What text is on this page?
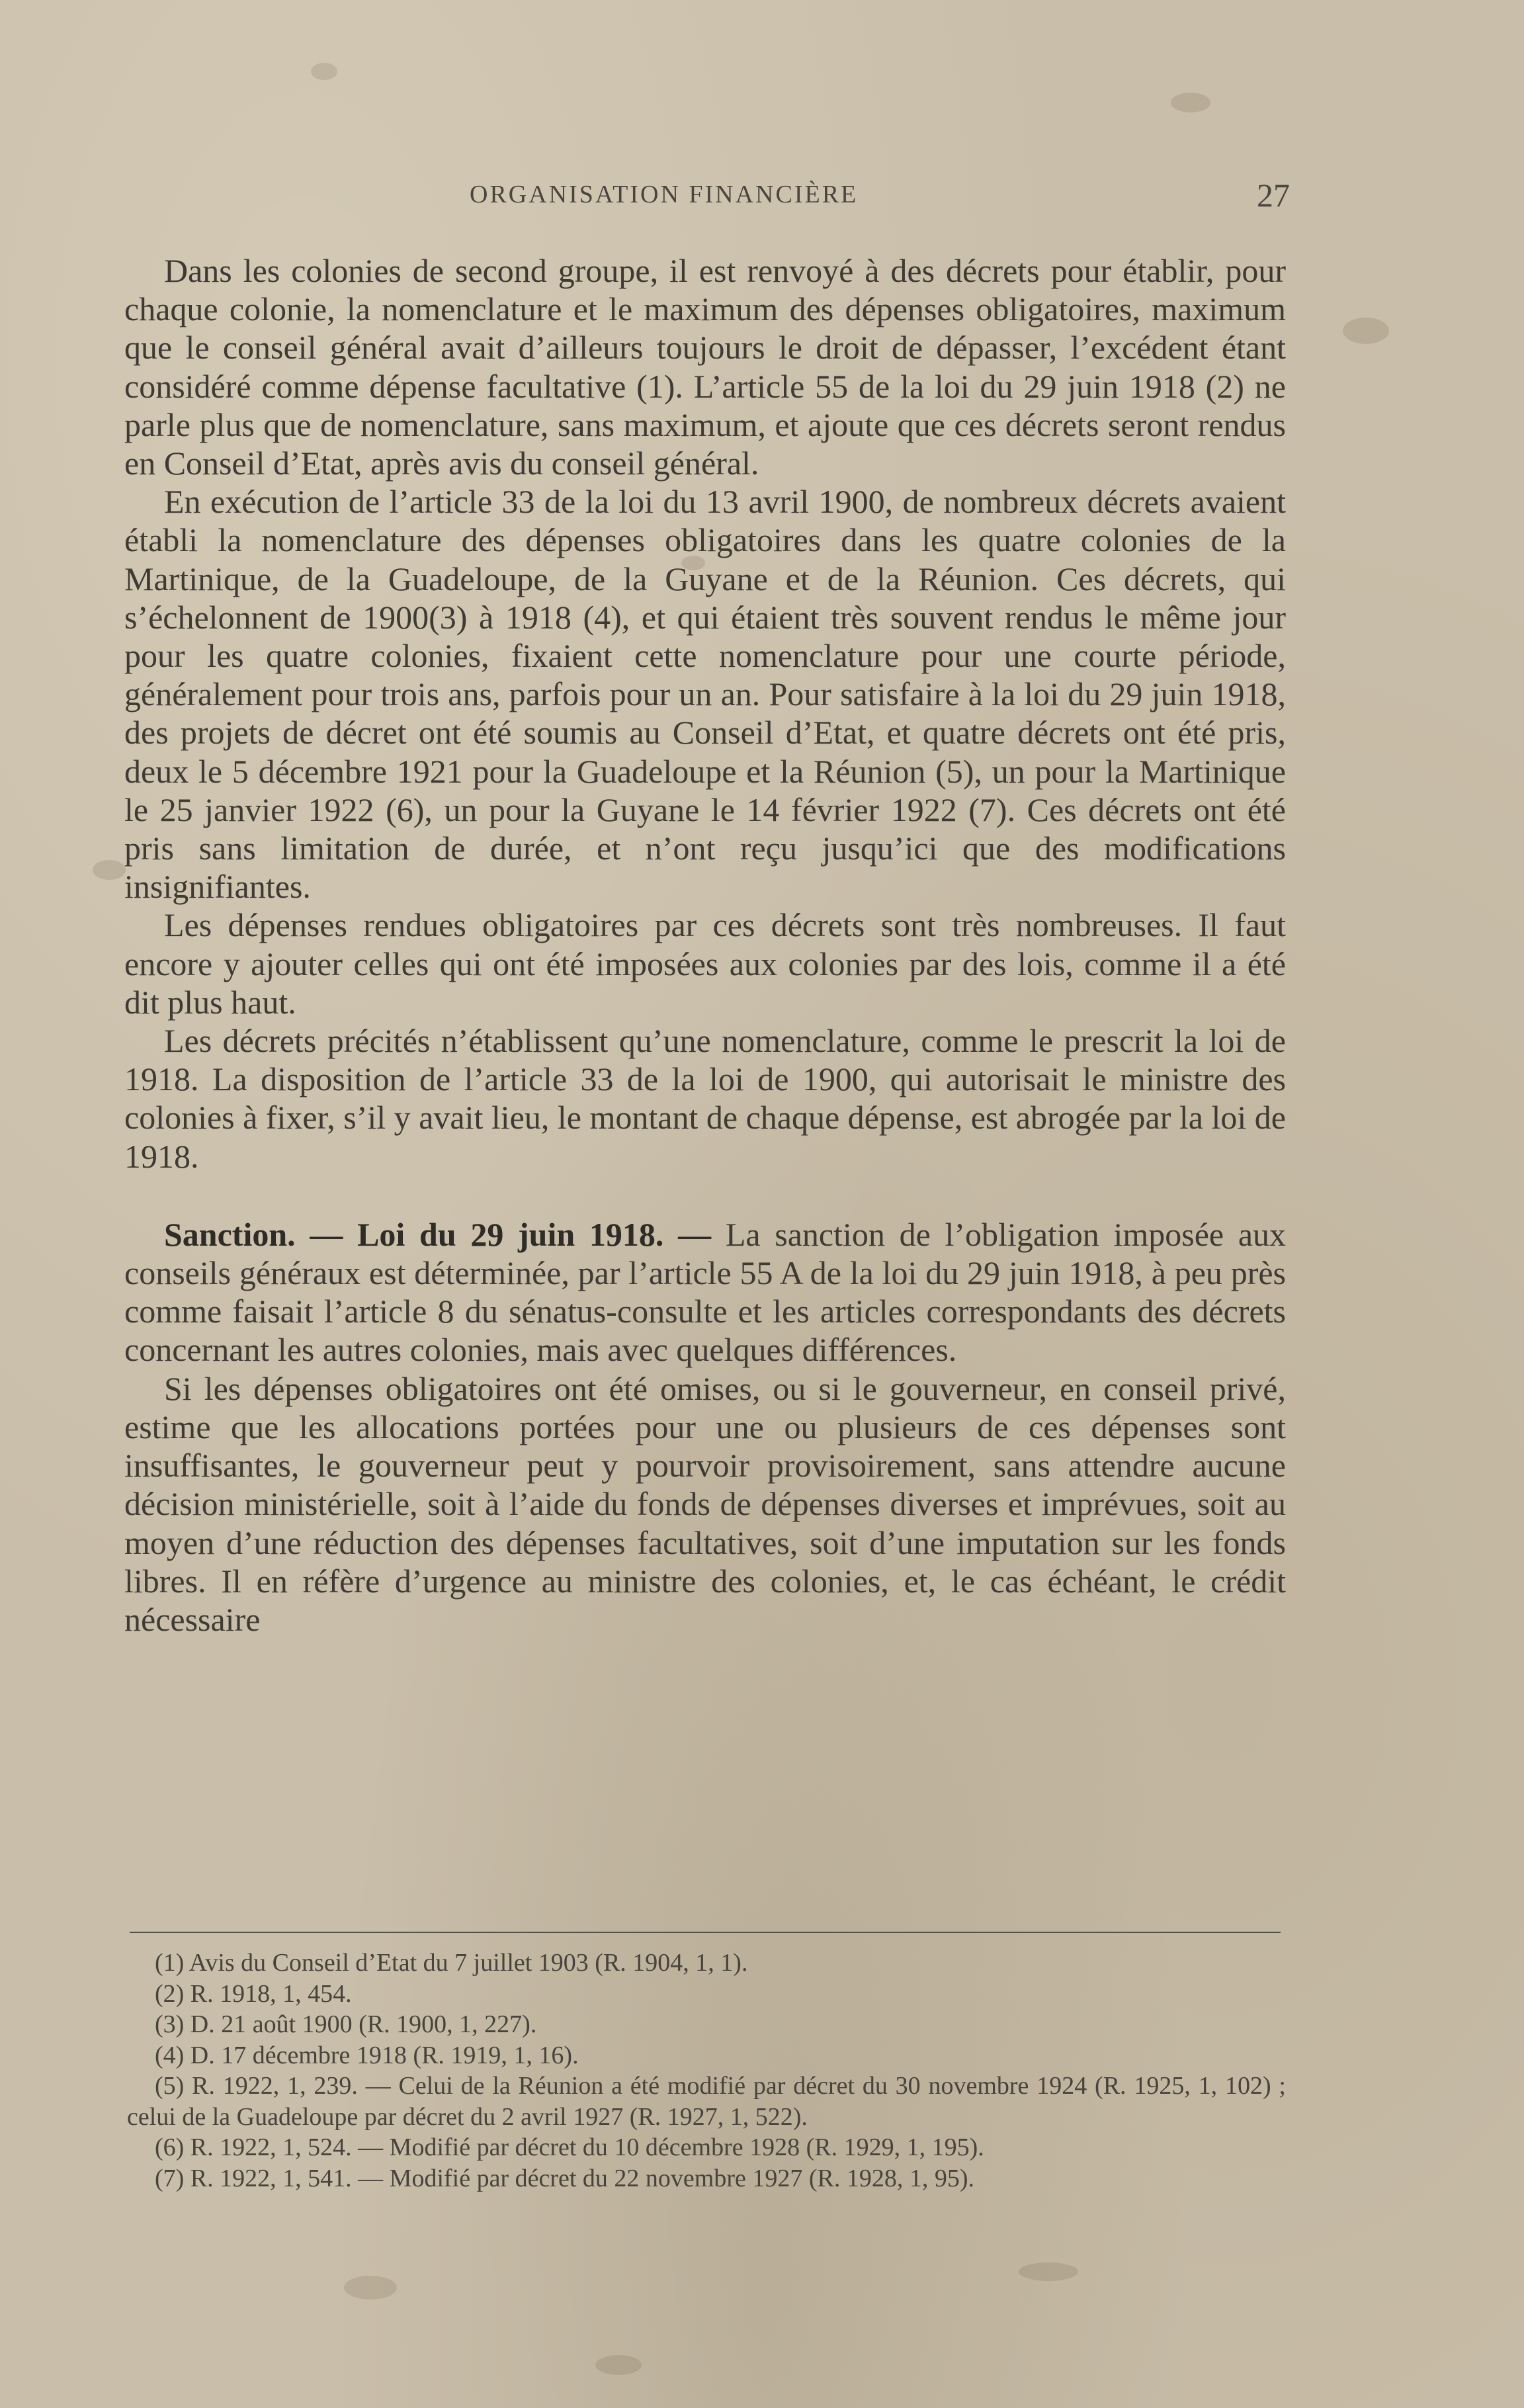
ORGANISATION FINANCIÈRE	27

Dans les colonies de second groupe, il est renvoyé à des décrets pour établir, pour chaque colonie, la nomenclature et le maximum des dépenses obligatoires, maximum que le conseil général avait d’ailleurs toujours le droit de dépasser, l’excédent étant considéré comme dépense facultative (1). L’article 55 de la loi du 29 juin 1918 (2) ne parle plus que de nomenclature, sans maximum, et ajoute que ces décrets seront rendus en Conseil d’Etat, après avis du conseil général.

En exécution de l’article 33 de la loi du 13 avril 1900, de nombreux décrets avaient établi la nomenclature des dépenses obligatoires dans les quatre colonies de la Martinique, de la Guadeloupe, de la Guyane et de la Réunion. Ces décrets, qui s’échelonnent de 1900(3) à 1918 (4), et qui étaient très souvent rendus le même jour pour les quatre colonies, fixaient cette nomenclature pour une courte période, généralement pour trois ans, parfois pour un an. Pour satisfaire à la loi du 29 juin 1918, des projets de décret ont été soumis au Conseil d’Etat, et quatre décrets ont été pris, deux le 5 décembre 1921 pour la Guadeloupe et la Réunion (5), un pour la Martinique le 25 janvier 1922 (6), un pour la Guyane le 14 février 1922 (7). Ces décrets ont été pris sans limitation de durée, et n’ont reçu jusqu’ici que des modifications insignifiantes.

Les dépenses rendues obligatoires par ces décrets sont très nombreuses. Il faut encore y ajouter celles qui ont été imposées aux colonies par des lois, comme il a été dit plus haut.

Les décrets précités n’établissent qu’une nomenclature, comme le prescrit la loi de 1918. La disposition de l’article 33 de la loi de 1900, qui autorisait le ministre des colonies à fixer, s’il y avait lieu, le montant de chaque dépense, est abrogée par la loi de 1918.

Sanction. — Loi du 29 juin 1918. — La sanction de l’obligation imposée aux conseils généraux est déterminée, par l’article 55 A de la loi du 29 juin 1918, à peu près comme faisait l’article 8 du sénatus-consulte et les articles correspondants des décrets concernant les autres colonies, mais avec quelques différences.

Si les dépenses obligatoires ont été omises, ou si le gouverneur, en conseil privé, estime que les allocations portées pour une ou plusieurs de ces dépenses sont insuffisantes, le gouverneur peut y pourvoir provisoirement, sans attendre aucune décision ministérielle, soit à l’aide du fonds de dépenses diverses et imprévues, soit au moyen d’une réduction des dépenses facultatives, soit d’une imputation sur les fonds libres. Il en réfère d’urgence au ministre des colonies, et, le cas échéant, le crédit nécessaire

(1) Avis du Conseil d’Etat du 7 juillet 1903 (R. 1904, 1, 1).

(2) R. 1918, 1, 454.

(3) D. 21 août 1900 (R. 1900, 1, 227).

(4) D. 17 décembre 1918 (R. 1919, 1, 16).

(5) R. 1922, 1, 239. — Celui de la Réunion a été modifié par décret du 30 novembre 1924 (R. 1925, 1, 102) ; celui de la Guadeloupe par décret du 2 avril 1927 (R. 1927, 1, 522).

(6) R. 1922, 1, 524. — Modifié par décret du 10 décembre 1928 (R. 1929, 1, 195).

(7) R. 1922, 1, 541. — Modifié par décret du 22 novembre 1927 (R. 1928, 1, 95).
